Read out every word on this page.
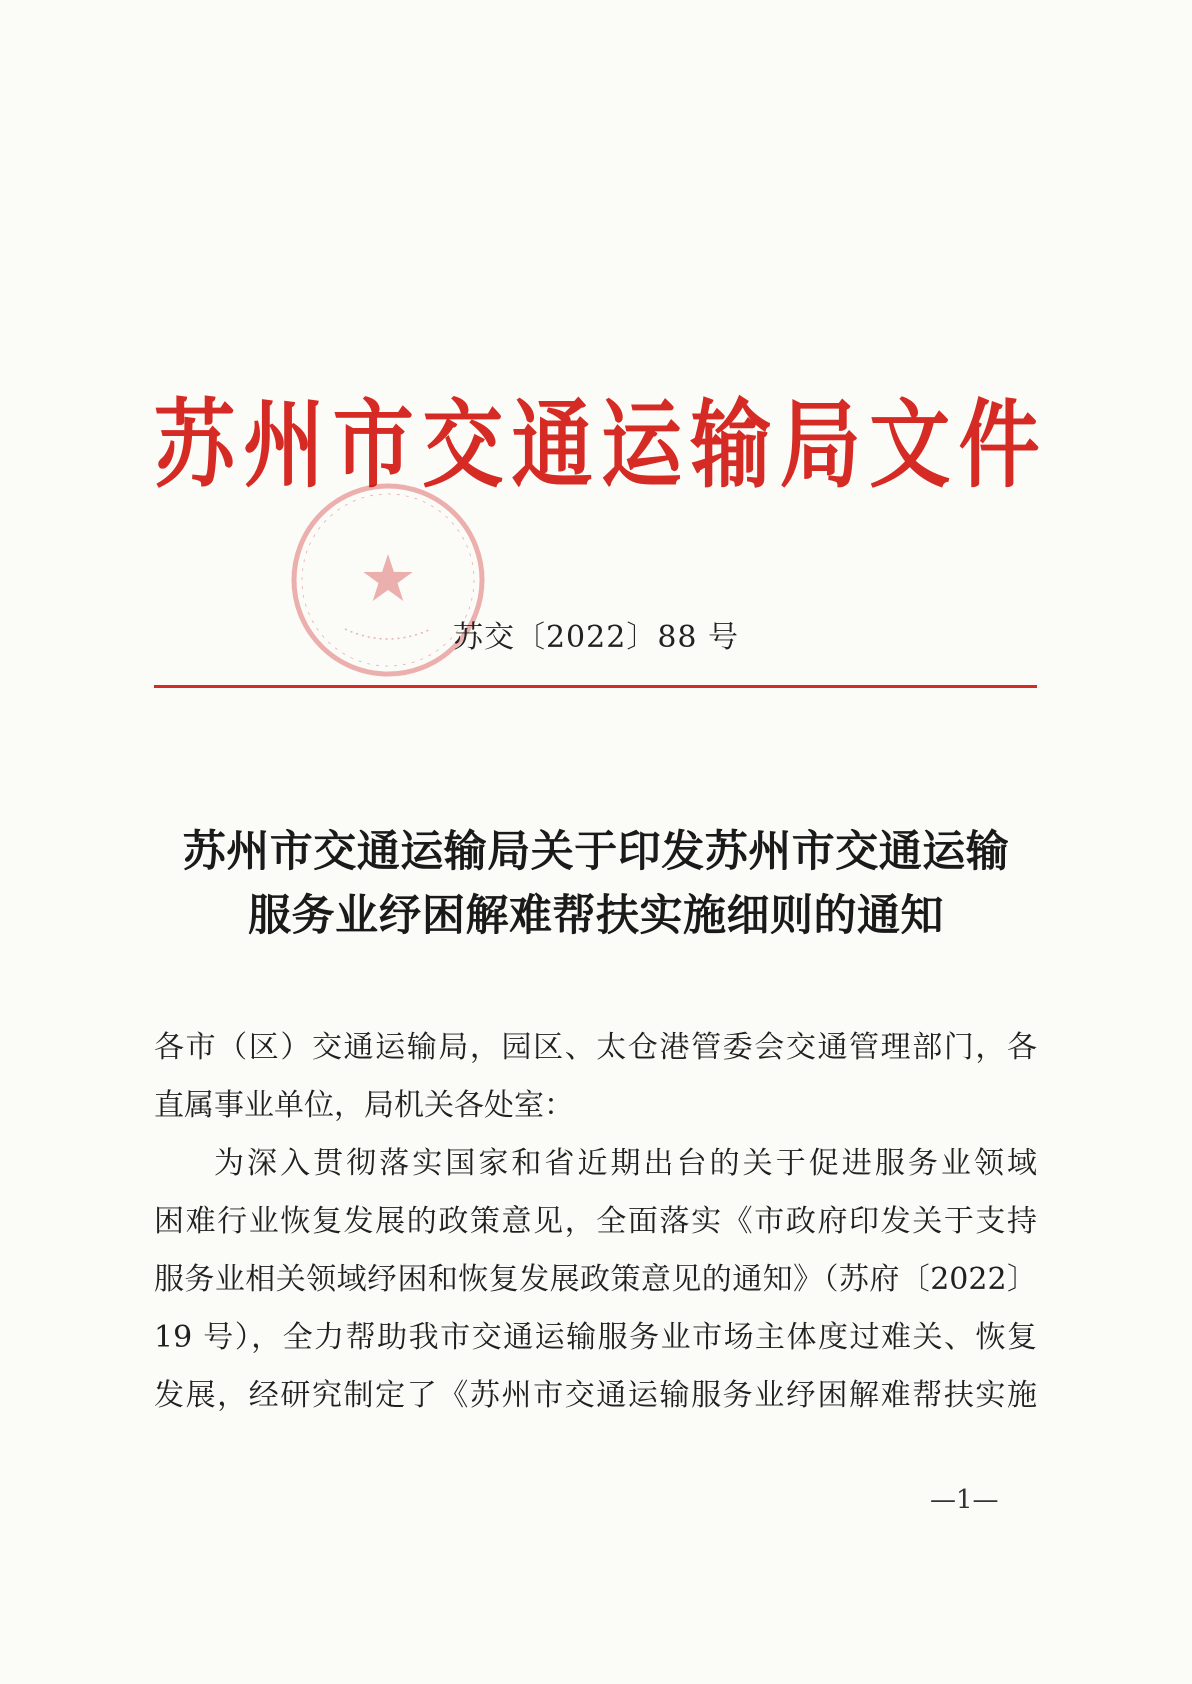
苏州市交通运输局文件
苏交〔2022〕88 号
苏州市交通运输局关于印发苏州市交通运输
服务业纾困解难帮扶实施细则的通知
各市（区）交通运输局，园区、太仓港管委会交通管理部门，各
直属事业单位，局机关各处室：
为深入贯彻落实国家和省近期出台的关于促进服务业领域
困难行业恢复发展的政策意见，全面落实《市政府印发关于支持
服务业相关领域纾困和恢复发展政策意见的通知》（苏府〔2022〕
19 号），全力帮助我市交通运输服务业市场主体度过难关、恢复
发展，经研究制定了《苏州市交通运输服务业纾困解难帮扶实施
—1—
